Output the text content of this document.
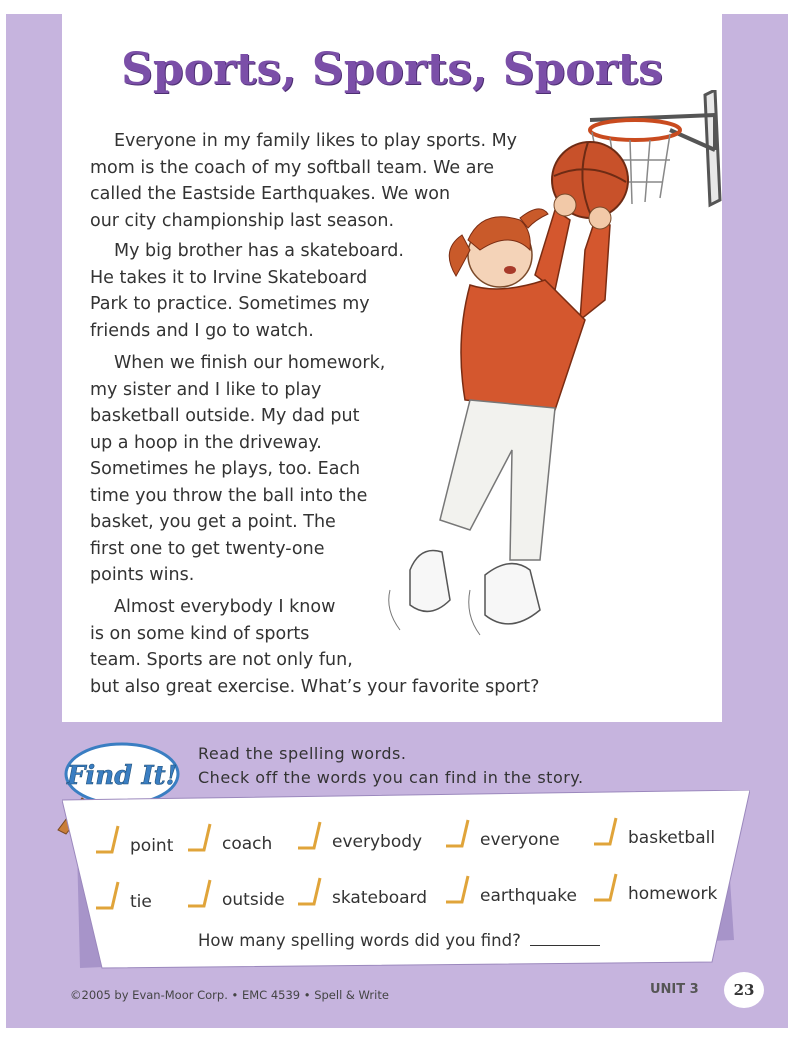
Sports, Sports, Sports
Everyone in my family likes to play sports. My
mom is the coach of my softball team. We are
called the Eastside Earthquakes. We won
our city championship last season.
My big brother has a skateboard.
He takes it to Irvine Skateboard
Park to practice. Sometimes my
friends and I go to watch.
When we finish our homework,
my sister and I like to play
basketball outside. My dad put
up a hoop in the driveway.
Sometimes he plays, too. Each
time you throw the ball into the
basket, you get a point. The
first one to get twenty-one
points wins.
Almost everybody I know
is on some kind of sports
team. Sports are not only fun,
but also great exercise. What’s your favorite sport?
Find It!
Read the spelling words.
Check off the words you can find in the story.
point	coach	everybody	everyone	basketball
tie	outside	skateboard	earthquake	homework
How many spelling words did you find?
©2005 by Evan-Moor Corp. • EMC 4539 • Spell & Write	UNIT 3	23
